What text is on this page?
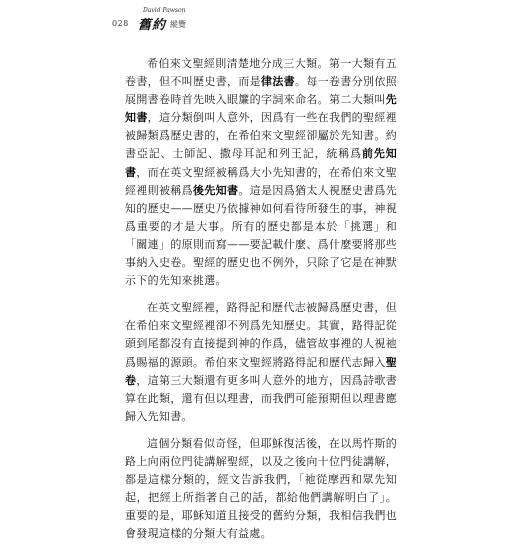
028
David Pawson
舊約 縱覽

希伯來文聖經則清楚地分成三大類。第一大類有五卷書，但不叫歷史書，而是律法書。每一卷書分別依照展開書卷時首先映入眼簾的字詞來命名。第二大類叫先知書，這分類倒叫人意外，因爲有一些在我們的聖經裡被歸類爲歷史書的，在希伯來文聖經卻屬於先知書。約書亞記、士師記、撒母耳記和列王記，統稱爲前先知書，而在英文聖經被稱爲大小先知書的，在希伯來文聖經裡則被稱爲後先知書。這是因爲猶太人視歷史書爲先知的歷史——歷史乃依據神如何看待所發生的事，神視爲重要的才是大事。所有的歷史都是本於「挑選」和「關連」的原則而寫——要記載什麼、爲什麼要將那些事納入史卷。聖經的歷史也不例外，只除了它是在神默示下的先知來挑選。

在英文聖經裡，路得記和歷代志被歸爲歷史書，但在希伯來文聖經裡卻不列爲先知歷史。其實，路得記從頭到尾都沒有直接提到神的作爲，儘管故事裡的人視祂爲賜福的源頭。希伯來文聖經將路得記和歷代志歸入聖卷，這第三大類還有更多叫人意外的地方，因爲詩歌書算在此類，還有但以理書，而我們可能預期但以理書應歸入先知書。

這個分類看似奇怪，但耶穌復活後，在以馬忤斯的路上向兩位門徒講解聖經，以及之後向十位門徒講解，都是這樣分類的，經文告訴我們，「祂從摩西和眾先知起，把經上所指著自己的話，都給他們講解明白了」。重要的是，耶穌知道且接受的舊約分類，我相信我們也會發現這樣的分類大有益處。
